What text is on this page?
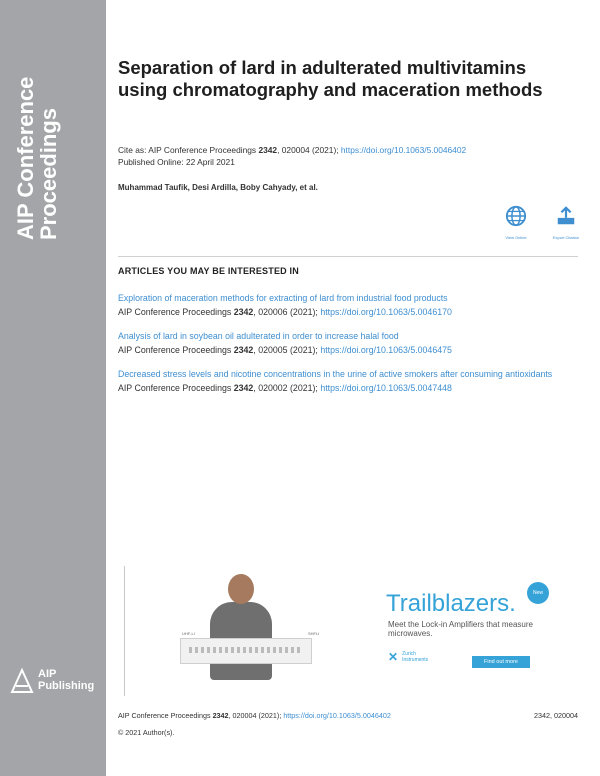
AIP Conference
Proceedings
AIP
Publishing
Separation of lard in adulterated multivitamins using chromatography and maceration methods
Cite as: AIP Conference Proceedings 2342, 020004 (2021); https://doi.org/10.1063/5.0046402
Published Online: 22 April 2021
Muhammad Taufik, Desi Ardilla, Boby Cahyady, et al.
View Online	Export Citation
ARTICLES YOU MAY BE INTERESTED IN
Exploration of maceration methods for extracting of lard from industrial food products
AIP Conference Proceedings 2342, 020006 (2021); https://doi.org/10.1063/5.0046170
Analysis of lard in soybean oil adulterated in order to increase halal food
AIP Conference Proceedings 2342, 020005 (2021); https://doi.org/10.1063/5.0046475
Decreased stress levels and nicotine concentrations in the urine of active smokers after consuming antioxidants
AIP Conference Proceedings 2342, 020002 (2021); https://doi.org/10.1063/5.0047448
AIP Conference Proceedings 2342, 020004 (2021); https://doi.org/10.1063/5.0046402	2342, 020004
© 2021 Author(s).
UHF-LI	SHFLI
Trailblazers.	New
Meet the Lock-in Amplifiers that measure microwaves.
✕ Zurich
Instruments	Find out more
